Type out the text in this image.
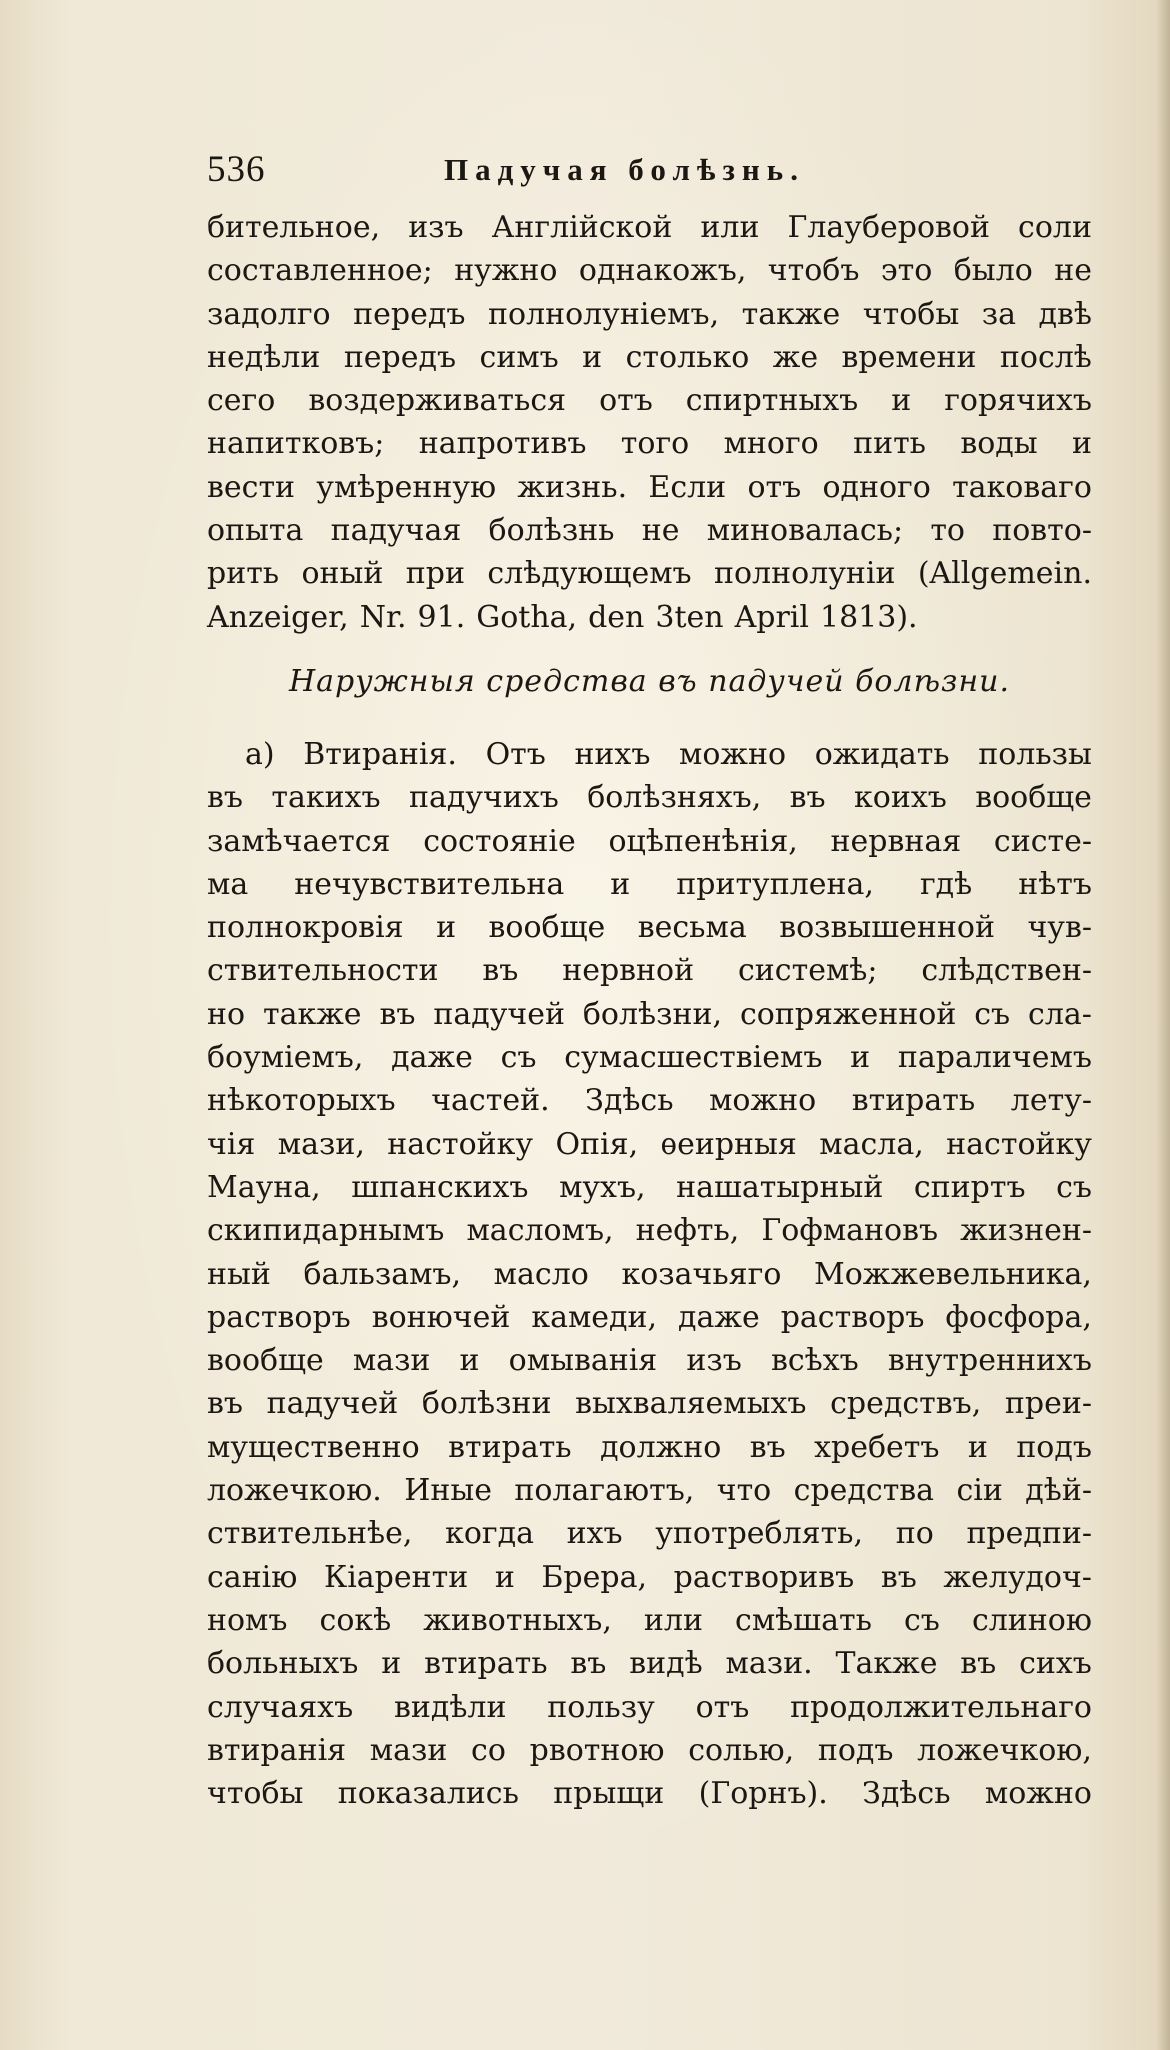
536	Падучая болѣзнь.
бительное, изъ Англійской или Глауберовой соли
составленное; нужно однакожъ, чтобъ это было не
задолго передъ полнолуніемъ, также чтобы за двѣ
недѣли передъ симъ и столько же времени послѣ
сего воздерживаться отъ спиртныхъ и горячихъ
напитковъ; напротивъ того много пить воды и
вести умѣренную жизнь. Если отъ одного таковаго
опыта падучая болѣзнь не миновалась; то повто-
рить оный при слѣдующемъ полнолуніи (Allgemein.
Anzeiger, Nr. 91. Gotha, den 3ten April 1813).
Наружныя средства въ падучей болѣзни.
а) Втиранія. Отъ нихъ можно ожидать пользы
въ такихъ падучихъ болѣзняхъ, въ коихъ вообще
замѣчается состояніе оцѣпенѣнія, нервная систе-
ма нечувствительна и притуплена, гдѣ нѣтъ
полнокровія и вообще весьма возвышенной чув-
ствительности въ нервной системѣ; слѣдствен-
но также въ падучей болѣзни, сопряженной съ сла-
боуміемъ, даже съ сумасшествіемъ и параличемъ
нѣкоторыхъ частей. Здѣсь можно втирать лету-
чія мази, настойку Опія, ѳеирныя масла, настойку
Мауна, шпанскихъ мухъ, нашатырный спиртъ съ
скипидарнымъ масломъ, нефть, Гофмановъ жизнен-
ный бальзамъ, масло козачьяго Можжевельника,
растворъ вонючей камеди, даже растворъ фосфора,
вообще мази и омыванія изъ всѣхъ внутреннихъ
въ падучей болѣзни выхваляемыхъ средствъ, преи-
мущественно втирать должно въ хребетъ и подъ
ложечкою. Иные полагаютъ, что средства сіи дѣй-
ствительнѣе, когда ихъ употреблять, по предпи-
санію Кіаренти и Брера, растворивъ въ желудоч-
номъ сокѣ животныхъ, или смѣшать съ слиною
больныхъ и втирать въ видѣ мази. Также въ сихъ
случаяхъ видѣли пользу отъ продолжительнаго
втиранія мази со рвотною солью, подъ ложечкою,
чтобы показались прыщи (Горнъ). Здѣсь можно
